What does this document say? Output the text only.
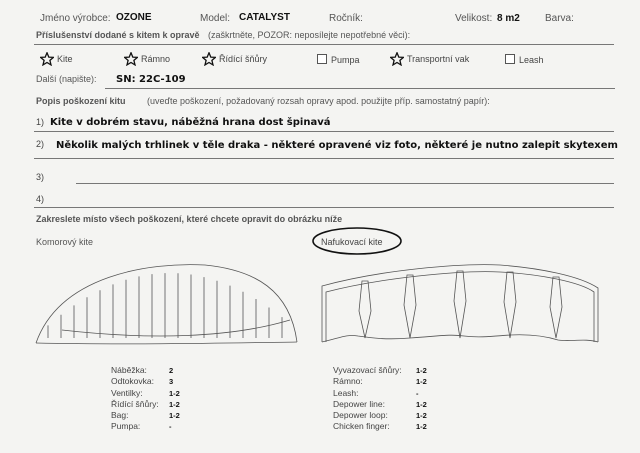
Jméno výrobce: OZONE	Model: CATALYST	Ročník:	Velikost: 8 m2	Barva:
Příslušenství dodané s kitem k opravě (zaškrtněte, POZOR: neposílejte nepotřebné věci):
Kite	Rámno	Řídící šňůry	Pumpa	Transportní vak	Leash
Další (napište): SN: 22C-109
Popis poškození kitu (uveďte poškození, požadovaný rozsah opravy apod. použijte příp. samostatný papír):
1) Kite v dobrém stavu, náběžná hrana dost špinavá
2) Několik malých trhlinek v těle draka - některé opravené viz foto, některé je nutno zalepit skytexem
3)
4)
Zakreslete místo všech poškození, které chcete opravit do obrázku níže
Komorový kite	Nafukovací kite
Náběžka:	2
Odtokovka: 3
Ventilky:	1-2
Řídící šňůry: 1-2
Bag:	1-2
Pumpa:	-
Vyvazovací šňůry: 1-2
Rámno:	1-2
Leash:	-
Depower line:	1-2
Depower loop:	1-2
Chicken finger:	1-2
